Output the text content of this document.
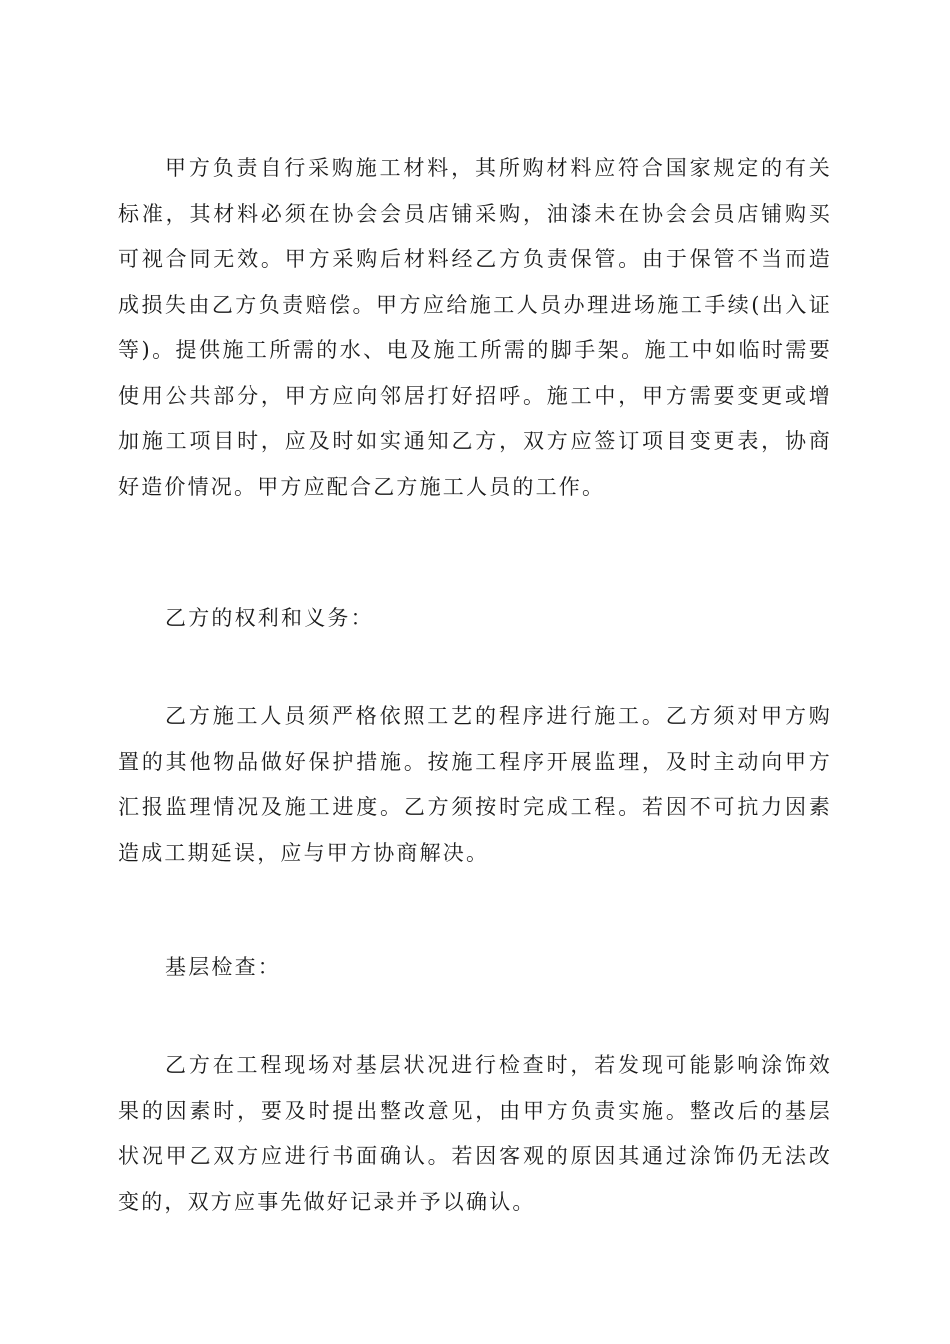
甲方负责自行采购施工材料，其所购材料应符合国家规定的有关标准，其材料必须在协会会员店铺采购，油漆未在协会会员店铺购买可视合同无效。甲方采购后材料经乙方负责保管。由于保管不当而造成损失由乙方负责赔偿。甲方应给施工人员办理进场施工手续(出入证等)。提供施工所需的水、电及施工所需的脚手架。施工中如临时需要使用公共部分，甲方应向邻居打好招呼。施工中，甲方需要变更或增加施工项目时，应及时如实通知乙方，双方应签订项目变更表，协商好造价情况。甲方应配合乙方施工人员的工作。

乙方的权利和义务：

乙方施工人员须严格依照工艺的程序进行施工。乙方须对甲方购置的其他物品做好保护措施。按施工程序开展监理，及时主动向甲方汇报监理情况及施工进度。乙方须按时完成工程。若因不可抗力因素造成工期延误，应与甲方协商解决。

基层检查：

乙方在工程现场对基层状况进行检查时，若发现可能影响涂饰效果的因素时，要及时提出整改意见，由甲方负责实施。整改后的基层状况甲乙双方应进行书面确认。若因客观的原因其通过涂饰仍无法改变的，双方应事先做好记录并予以确认。
